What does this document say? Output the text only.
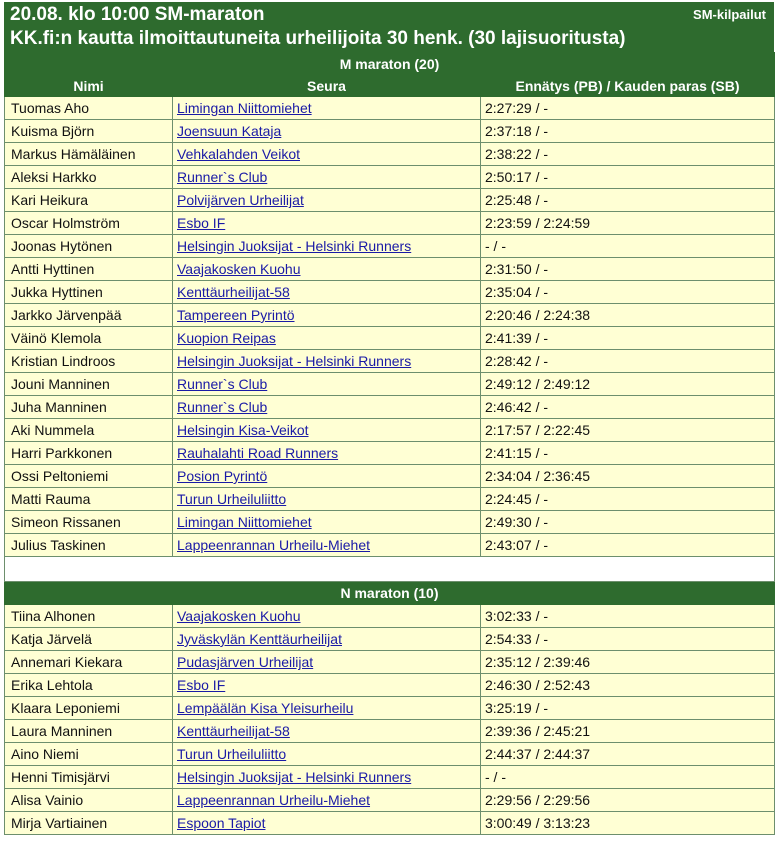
20.08. klo 10:00 SM-maraton
KK.fi:n kautta ilmoittautuneita urheilijoita 30 henk. (30 lajisuoritusta)
SM-kilpailut
M maraton (20)		
Nimi	Seura	Ennätys (PB) / Kauden paras (SB)
Tuomas Aho	Limingan Niittomiehet	2:27:29 / -
Kuisma Björn	Joensuun Kataja	2:37:18 / -
Markus Hämäläinen	Vehkalahden Veikot	2:38:22 / -
Aleksi Harkko	Runner`s Club	2:50:17 / -
Kari Heikura	Polvijärven Urheilijat	2:25:48 / -
Oscar Holmström	Esbo IF	2:23:59 / 2:24:59
Joonas Hytönen	Helsingin Juoksijat - Helsinki Runners	- / -
Antti Hyttinen	Vaajakosken Kuohu	2:31:50 / -
Jukka Hyttinen	Kenttäurheilijat-58	2:35:04 / -
Jarkko Järvenpää	Tampereen Pyrintö	2:20:46 / 2:24:38
Väinö Klemola	Kuopion Reipas	2:41:39 / -
Kristian Lindroos	Helsingin Juoksijat - Helsinki Runners	2:28:42 / -
Jouni Manninen	Runner`s Club	2:49:12 / 2:49:12
Juha Manninen	Runner`s Club	2:46:42 / -
Aki Nummela	Helsingin Kisa-Veikot	2:17:57 / 2:22:45
Harri Parkkonen	Rauhalahti Road Runners	2:41:15 / -
Ossi Peltoniemi	Posion Pyrintö	2:34:04 / 2:36:45
Matti Rauma	Turun Urheiluliitto	2:24:45 / -
Simeon Rissanen	Limingan Niittomiehet	2:49:30 / -
Julius Taskinen	Lappeenrannan Urheilu-Miehet	2:43:07 / -

N maraton (10)		
Tiina Alhonen	Vaajakosken Kuohu	3:02:33 / -
Katja Järvelä	Jyväskylän Kenttäurheilijat	2:54:33 / -
Annemari Kiekara	Pudasjärven Urheilijat	2:35:12 / 2:39:46
Erika Lehtola	Esbo IF	2:46:30 / 2:52:43
Klaara Leponiemi	Lempäälän Kisa Yleisurheilu	3:25:19 / -
Laura Manninen	Kenttäurheilijat-58	2:39:36 / 2:45:21
Aino Niemi	Turun Urheiluliitto	2:44:37 / 2:44:37
Henni Timisjärvi	Helsingin Juoksijat - Helsinki Runners	- / -
Alisa Vainio	Lappeenrannan Urheilu-Miehet	2:29:56 / 2:29:56
Mirja Vartiainen	Espoon Tapiot	3:00:49 / 3:13:23
